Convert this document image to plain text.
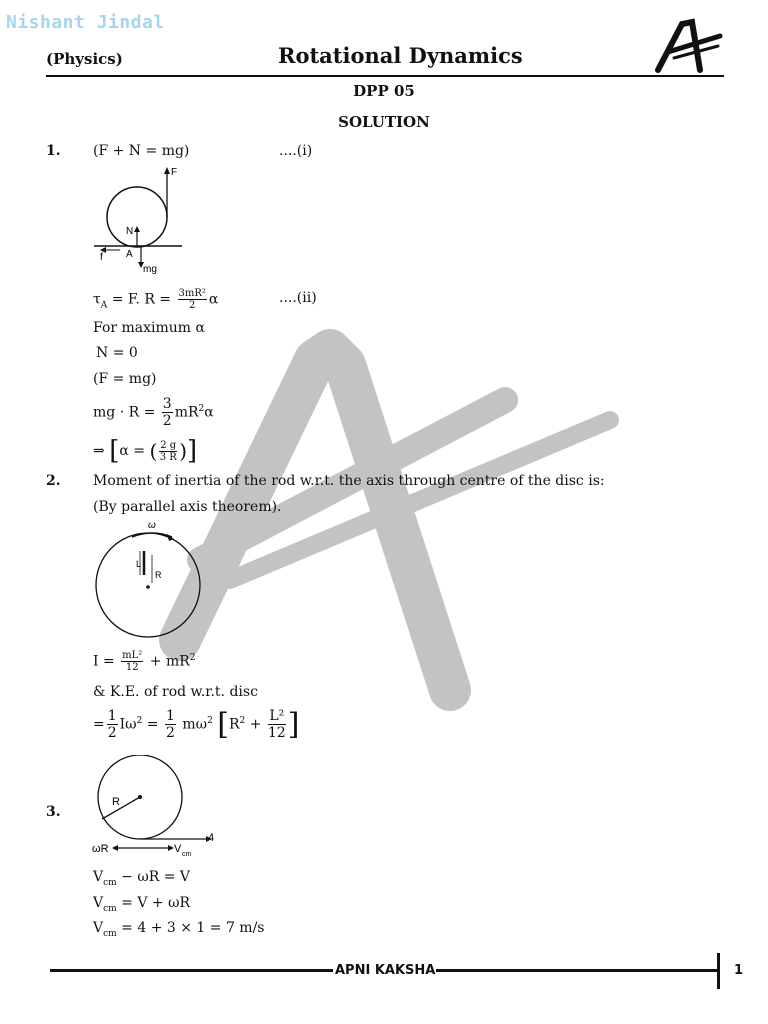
Nishant Jindal
(Physics)	Rotational Dynamics
DPP 05
SOLUTION
1. (F + N = mg)	....(i)
F
N
A
mg
f
$\tau_A = F$. $R = \frac{\text{3mR²}}{2}$ α	....(ii)
For maximum α
N = 0
(F = mg)
mg · $R = \frac{3}{2} mR^2\alpha$
⇒ [α = ( $\frac{2 g}{3 R}$ )]
2. Moment of inertia of the rod w.r.t. the axis through centre of the disc is:
(By parallel axis theorem).
ω
L
R
$I = \frac{\text{mL²}}{12} + mR^2$
& K.E. of rod w.r.t. disc
= $\frac{1}{2} I\omega^2 = \frac{1}{2} m\omega^2$ [$R^2 + \frac{\text{L²}}{12}$ ]
R
4
ωR	V cm
3.
$V_{cm} - \omega R = V$
$V_{cm} = V + \omega R$
$V_{cm} = 4 + 3 \times 1 = 7$ m/s
APNI KAKSHA	1
